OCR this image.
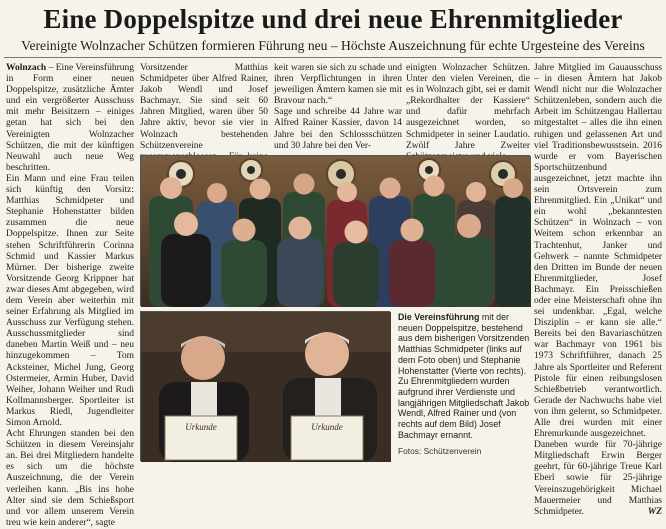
Eine Doppelspitze und drei neue Ehrenmitglieder
Vereinigte Wolnzacher Schützen formieren Führung neu – Höchste Auszeichnung für echte Urgesteine des Vereins
Wolnzach – Eine Vereinsführung in Form einer neuen Doppelspitze, zusätzliche Ämter und ein vergrößerter Ausschuss mit mehr Beisitzern – einiges getan hat sich bei den Vereinigten Wolnzacher Schützen, die mit der künftigen Neuwahl auch neue Weg beschritten.
Ein Mann und eine Frau teilen sich künftig den Vorsitz: Matthias Schmidpeter und Stephanie Hohenstatter bilden zusammen die neue Doppelspitze. Ihnen zur Seite stehen Schriftführerin Corinna Schmid und Kassier Markus Mürner. Der bisherige zweite Vorsitzende Georg Krippner hat zwar dieses Amt abgegeben, wird dem Verein aber weiterhin mit seiner Erfahrung als Mitglied im Ausschuss zur Verfügung stehen. Ausschussmitglieder sind daneben Martin Weiß und – neu hinzugekommen – Tom Acksteiner, Michel Jung, Georg Ostermeier, Armin Huber, David Weiher, Johann Weiher und Rudi Kollmannsberger. Sportleiter ist Markus Riedl, Jugendleiter Simon Arnold.
Acht Ehrungen standen bei den Schützen in diesem Vereinsjahr an. Bei drei Mitgliedern handelte es sich um die höchste Auszeichnung, die der Verein verleihen kann. „Bis ins hohe Alter sind sie dem Schießsport und vor allem unserem Verein treu wie kein anderer“, sagte
Vorsitzender Matthias Schmidpeter über Alfred Rainer, Jakob Wendl und Josef Bachmayr. Sie sind seit 60 Jahren Mitglied, waren über 50 Jahre aktiv, bevor sie vier in Wolnzach bestehenden Schützenvereine
keit waren sie sich zu schade und ihren Verpflichtungen in ihren jeweiligen Ämtern kamen sie mit Bravour nach.“
Sage und schreibe 44 Jahre war Alfred Rainer Kassier, davon 14 Jahre bei den Schlossschützen und 30 Jahre bei den Ver-
einigten Wolnzacher Schützen. Unter den vielen Vereinen, die es in Wolnzach gibt, sei er damit „Rekordhalter der Kassiere“ und dafür mehrfach ausgezeichnet worden, so Schmidpeter in seiner Laudatio. Zwölf Jahre Zweiter
Jahre Mitglied im Gauausschuss – in diesen Ämtern hat Jakob Wendl nicht nur die Wolnzacher Schützenleben, sondern auch die Arbeit im Schützengau Hallertau mitgestaltet – alles die ihn einen ruhigen und gelassenen Art und viel Traditionsbewusstsein. 2016 wurde er vom Bayerischen Sportschützenbund ausgezeichnet, jetzt machte ihn sein Ortsverein zum Ehrenmitglied. Ein „Unikat“ und ein wohl „bekanntesten Schützen“ in Wolnzach – von Weitem schon erkennbar an Trachtenhut, Janker und Gehwerk – nannte Schmidpeter den Dritten im Bunde der neuen Ehrenmitglieder, Josef Bachmayr. Ein Preisschießen oder eine Meisterschaft ohne ihn sei undenkbar. „Egal, welche Disziplin – er kann sie alle.“ Bereits bei den Bavariaschützen war Bachmayr von 1961 bis 1973 Schriftführer, danach 25 Jahre als Sportleiter und Referent Pistole für einen reibungslosen Schießbetrieb verantwortlich. Gerade der Nachwuchs habe viel von ihm gelernt, so Schmidpeter. Alle drei wurden mit einer Ehrenurkunde ausgezeichnet.
Daneben wurde für 70-jährige Mitgliedschaft Erwin Berger geehrt, für 60-jährige Treue Karl Eberl sowie für 25-jährige Vereinszugehörigkeit Michael Mauermeier und Matthias Schmidpeter.	WZ
Urkunde	Urkunde
Die Vereinsführung mit der neuen Doppelspitze, bestehend aus dem bisherigen Vorsitzenden Matthias Schmidpeter (links auf dem Foto oben) und Stephanie Hohenstatter (Vierte von rechts). Zu Ehrenmitgliedern wurden aufgrund ihrer Verdienste und langjährigen Mitgliedschaft Jakob Wendl, Alfred Rainer und (von rechts auf dem Bild) Josef Bachmayr ernannt.
Fotos: Schützenverein
